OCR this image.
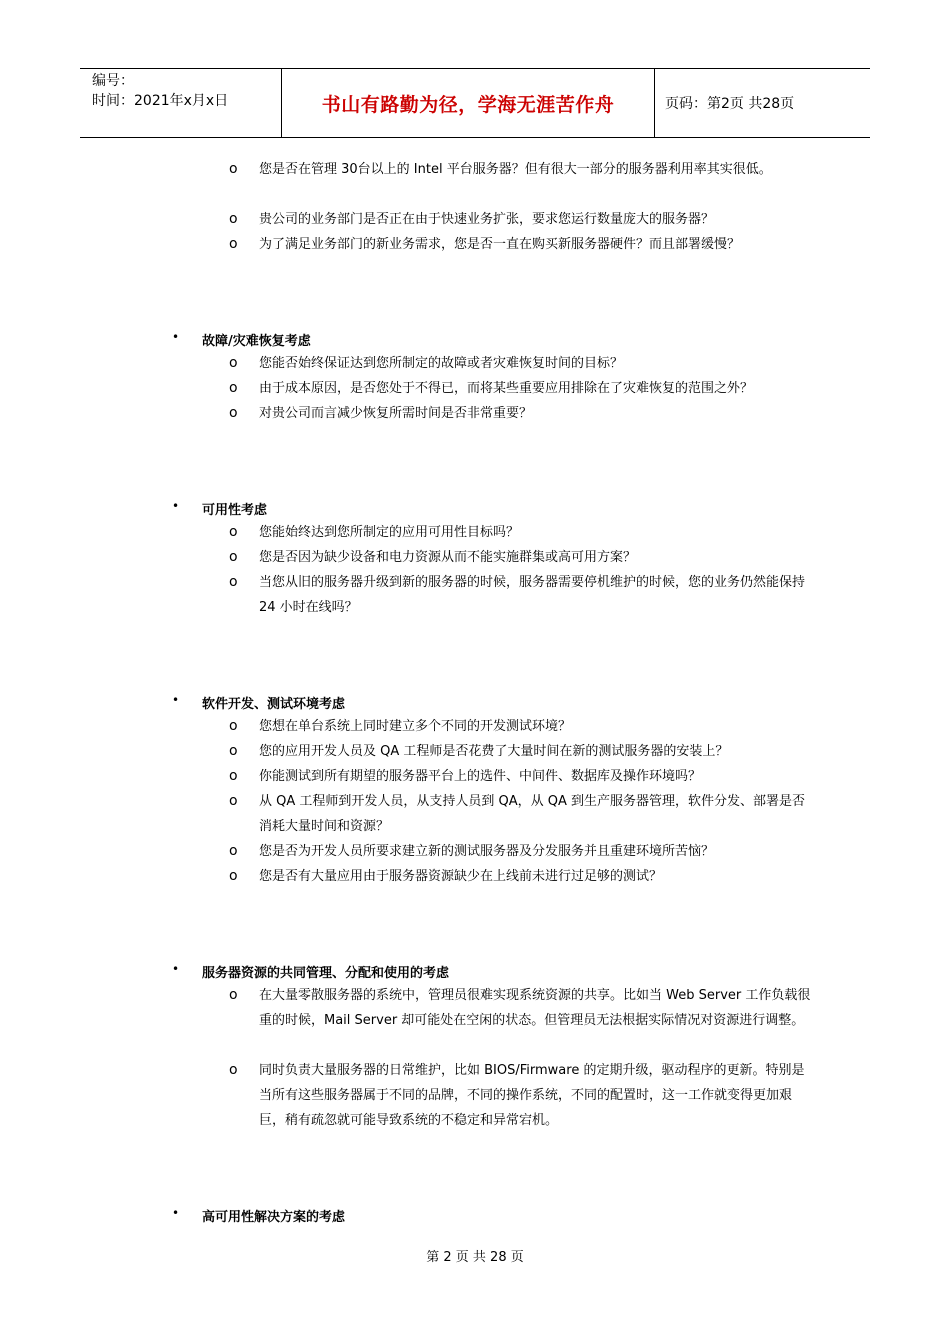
编号：
时间：2021年x月x日	书山有路勤为径，学海无涯苦作舟	页码：第2页 共28页
o 您是否在管理 30台以上的 Intel 平台服务器？但有很大一部分的服务器利用率其实很低。
o 贵公司的业务部门是否正在由于快速业务扩张，要求您运行数量庞大的服务器？
o 为了满足业务部门的新业务需求，您是否一直在购买新服务器硬件？而且部署缓慢？
• 故障/灾难恢复考虑
o 您能否始终保证达到您所制定的故障或者灾难恢复时间的目标？
o 由于成本原因，是否您处于不得已，而将某些重要应用排除在了灾难恢复的范围之外？
o 对贵公司而言减少恢复所需时间是否非常重要？
• 可用性考虑
o 您能始终达到您所制定的应用可用性目标吗？
o 您是否因为缺少设备和电力资源从而不能实施群集或高可用方案？
o 当您从旧的服务器升级到新的服务器的时候，服务器需要停机维护的时候，您的业务仍然能保持 24 小时在线吗？
• 软件开发、测试环境考虑
o 您想在单台系统上同时建立多个不同的开发测试环境？
o 您的应用开发人员及 QA 工程师是否花费了大量时间在新的测试服务器的安装上？
o 你能测试到所有期望的服务器平台上的选件、中间件、数据库及操作环境吗？
o 从 QA 工程师到开发人员，从支持人员到 QA，从 QA 到生产服务器管理，软件分发、部署是否消耗大量时间和资源？
o 您是否为开发人员所要求建立新的测试服务器及分发服务并且重建环境所苦恼？
o 您是否有大量应用由于服务器资源缺少在上线前未进行过足够的测试？
• 服务器资源的共同管理、分配和使用的考虑
o 在大量零散服务器的系统中，管理员很难实现系统资源的共享。比如当 Web Server 工作负载很重的时候，Mail Server 却可能处在空闲的状态。但管理员无法根据实际情况对资源进行调整。
o 同时负责大量服务器的日常维护，比如 BIOS/Firmware 的定期升级，驱动程序的更新。特别是当所有这些服务器属于不同的品牌，不同的操作系统，不同的配置时，这一工作就变得更加艰巨，稍有疏忽就可能导致系统的不稳定和异常宕机。
• 高可用性解决方案的考虑
第 2 页 共 28 页
